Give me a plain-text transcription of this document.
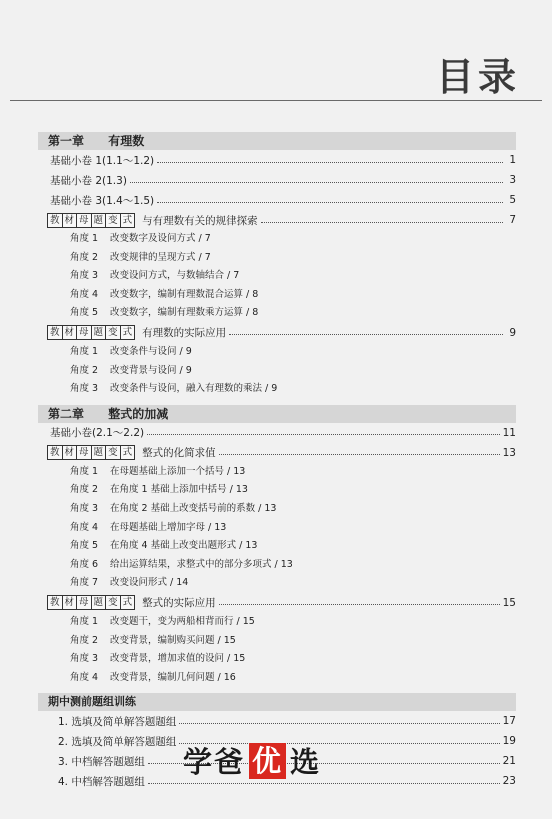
目录
第一章 有理数
基础小卷 1(1.1～1.2)	1
基础小卷 2(1.3)	3
基础小卷 3(1.4～1.5)	5
教 材 母 题 变 式 与有理数有关的规律探索	7
角度 1 改变数字及设问方式 / 7
角度 2 改变规律的呈现方式 / 7
角度 3 改变设问方式，与数轴结合 / 7
角度 4 改变数字，编制有理数混合运算 / 8
角度 5 改变数字，编制有理数乘方运算 / 8
教 材 母 题 变 式 有理数的实际应用	9
角度 1 改变条件与设问 / 9
角度 2 改变背景与设问 / 9
角度 3 改变条件与设问，融入有理数的乘法 / 9
第二章 整式的加减
基础小卷(2.1～2.2)	11
教 材 母 题 变 式 整式的化简求值	13
角度 1 在母题基础上添加一个括号 / 13
角度 2 在角度 1 基础上添加中括号 / 13
角度 3 在角度 2 基础上改变括号前的系数 / 13
角度 4 在母题基础上增加字母 / 13
角度 5 在角度 4 基础上改变出题形式 / 13
角度 6 给出运算结果，求整式中的部分多项式 / 13
角度 7 改变设问形式 / 14
教 材 母 题 变 式 整式的实际应用	15
角度 1 改变题干，变为两船相背而行 / 15
角度 2 改变背景，编制购买问题 / 15
角度 3 改变背景，增加求值的设问 / 15
角度 4 改变背景，编制几何问题 / 16
期中测前题组训练
1. 选填及简单解答题题组	17
2. 选填及简单解答题题组	19
3. 中档解答题题组	21
4. 中档解答题题组	23
学爸 优 选
